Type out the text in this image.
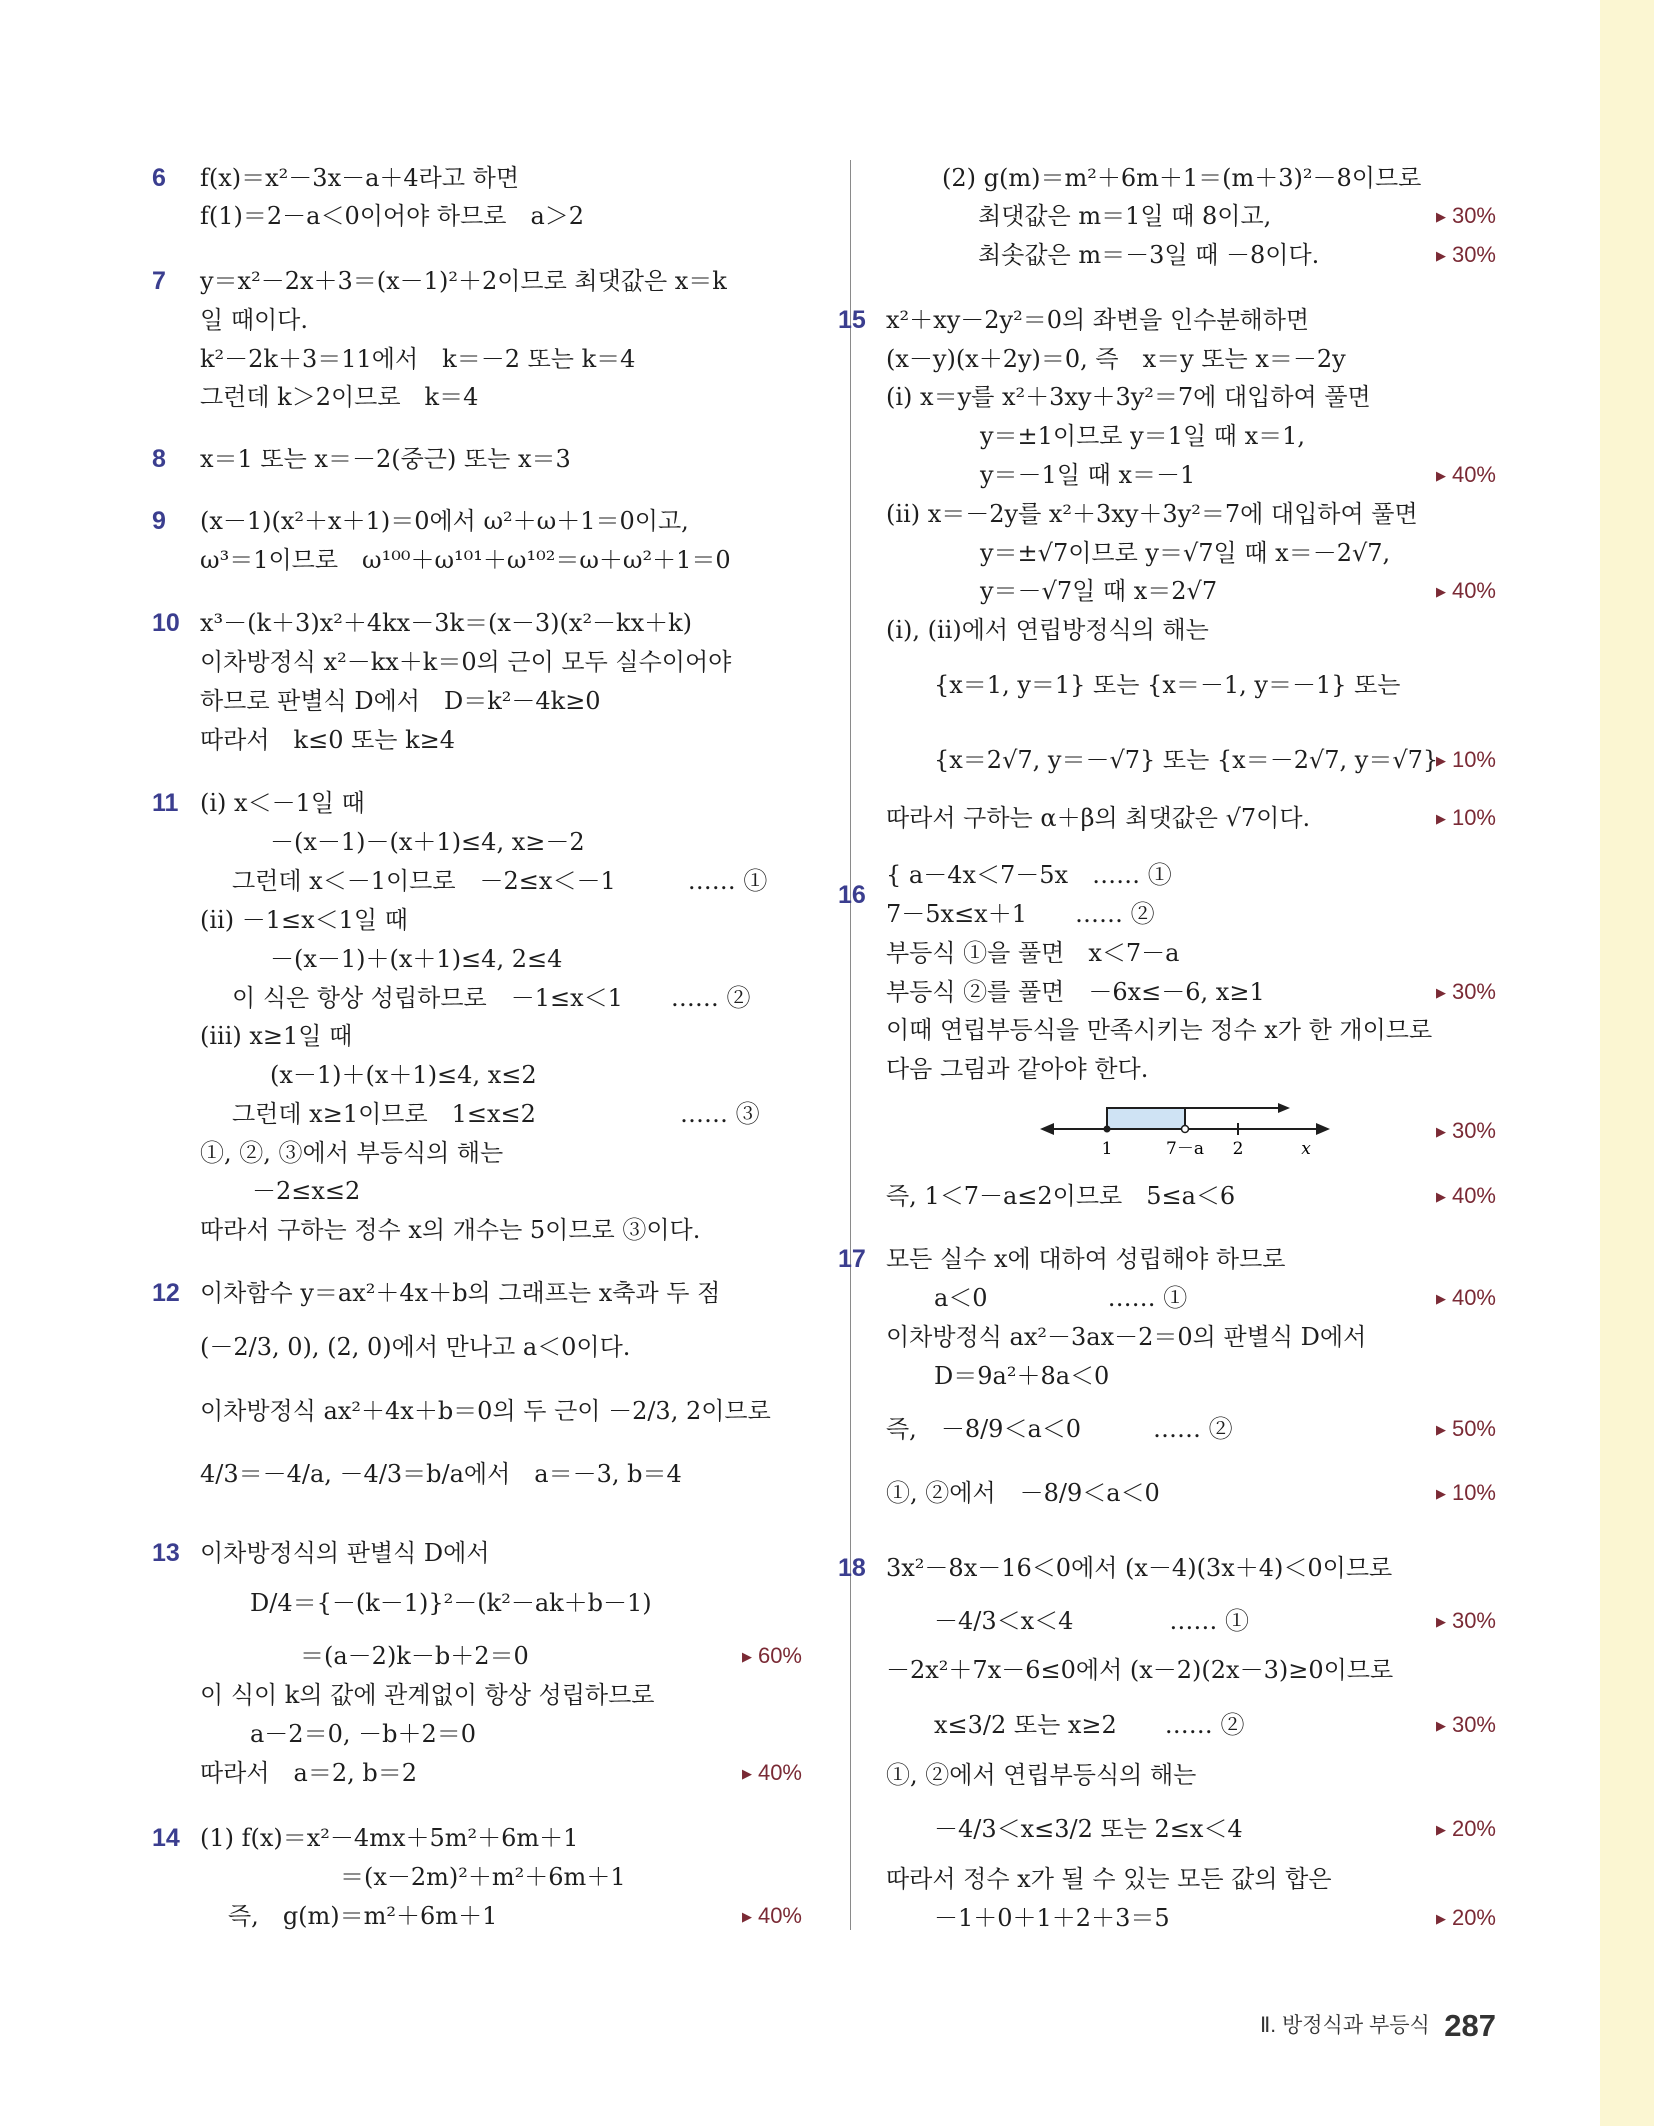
6 f(x)＝x²－3x－a＋4라고 하면
f(1)＝2－a＜0이어야 하므로　a＞2
7 y＝x²－2x＋3＝(x－1)²＋2이므로 최댓값은 x＝k
일 때이다.
k²－2k＋3＝11에서　k＝－2 또는 k＝4
그런데 k＞2이므로　k＝4
8 x＝1 또는 x＝－2(중근) 또는 x＝3
9 (x－1)(x²＋x＋1)＝0에서 ω²＋ω＋1＝0이고,
ω³＝1이므로　ω¹⁰⁰＋ω¹⁰¹＋ω¹⁰²＝ω＋ω²＋1＝0
10 x³－(k＋3)x²＋4kx－3k＝(x－3)(x²－kx＋k)
이차방정식 x²－kx＋k＝0의 근이 모두 실수이어야
하므로 판별식 D에서　D＝k²－4k≥0
따라서　k≤0 또는 k≥4
11 (ⅰ) x＜－1일 때
－(x－1)－(x＋1)≤4, x≥－2
그런데 x＜－1이므로　－2≤x＜－1　　　…… ①
(ⅱ) －1≤x＜1일 때
－(x－1)＋(x＋1)≤4, 2≤4
이 식은 항상 성립하므로　－1≤x＜1　　…… ②
(ⅲ) x≥1일 때
(x－1)＋(x＋1)≤4, x≤2
그런데 x≥1이므로　1≤x≤2　　　　　　…… ③
①, ②, ③에서 부등식의 해는
－2≤x≤2
따라서 구하는 정수 x의 개수는 5이므로 ③이다.
12 이차함수 y＝ax²＋4x＋b의 그래프는 x축과 두 점
(－2/3, 0), (2, 0)에서 만나고 a＜0이다.
이차방정식 ax²＋4x＋b＝0의 두 근이 －2/3, 2이므로
4/3＝－4/a, －4/3＝b/a에서　a＝－3, b＝4
13 이차방정식의 판별식 D에서
D/4＝{－(k－1)}²－(k²－ak＋b－1)
＝(a－2)k－b＋2＝0	▶ 60%
이 식이 k의 값에 관계없이 항상 성립하므로
a－2＝0, －b＋2＝0
따라서　a＝2, b＝2	▶ 40%
14 (1) f(x)＝x²－4mx＋5m²＋6m＋1
＝(x－2m)²＋m²＋6m＋1
즉,　g(m)＝m²＋6m＋1	▶ 40%
(2) g(m)＝m²＋6m＋1＝(m＋3)²－8이므로
최댓값은 m＝1일 때 8이고,	▶ 30%
최솟값은 m＝－3일 때 －8이다.	▶ 30%
15 x²＋xy－2y²＝0의 좌변을 인수분해하면
(x－y)(x＋2y)＝0, 즉　x＝y 또는 x＝－2y
(ⅰ) x＝y를 x²＋3xy＋3y²＝7에 대입하여 풀면
y＝±1이므로 y＝1일 때 x＝1,
y＝－1일 때 x＝－1	▶ 40%
(ⅱ) x＝－2y를 x²＋3xy＋3y²＝7에 대입하여 풀면
y＝±√7이므로 y＝√7일 때 x＝－2√7,
y＝－√7일 때 x＝2√7	▶ 40%
(ⅰ), (ⅱ)에서 연립방정식의 해는
{x＝1, y＝1} 또는 {x＝－1, y＝－1} 또는
{x＝2√7, y＝－√7} 또는 {x＝－2√7, y＝√7} ▶ 10%
따라서 구하는 α＋β의 최댓값은 √7이다.	▶ 10%
16
{ a－4x＜7－5x　…… ①
7－5x≤x＋1　　…… ②
부등식 ①을 풀면　x＜7－a
부등식 ②를 풀면　－6x≤－6, x≥1	▶ 30%
이때 연립부등식을 만족시키는 정수 x가 한 개이므로
다음 그림과 같아야 한다.
▶ 30%
즉, 1＜7－a≤2이므로　5≤a＜6	▶ 40%
17 모든 실수 x에 대하여 성립해야 하므로
a＜0　　　　　…… ①	▶ 40%
이차방정식 ax²－3ax－2＝0의 판별식 D에서
D＝9a²＋8a＜0
즉,　－8/9＜a＜0　　　…… ②	▶ 50%
①, ②에서　－8/9＜a＜0	▶ 10%
18 3x²－8x－16＜0에서 (x－4)(3x＋4)＜0이므로
－4/3＜x＜4　　　　…… ①	▶ 30%
－2x²＋7x－6≤0에서 (x－2)(2x－3)≥0이므로
x≤3/2 또는 x≥2　　…… ②	▶ 30%
①, ②에서 연립부등식의 해는
－4/3＜x≤3/2 또는 2≤x＜4	▶ 20%
따라서 정수 x가 될 수 있는 모든 값의 합은
－1＋0＋1＋2＋3＝5	▶ 20%
1	7－a 2	x
Ⅱ. 방정식과 부등식 287
